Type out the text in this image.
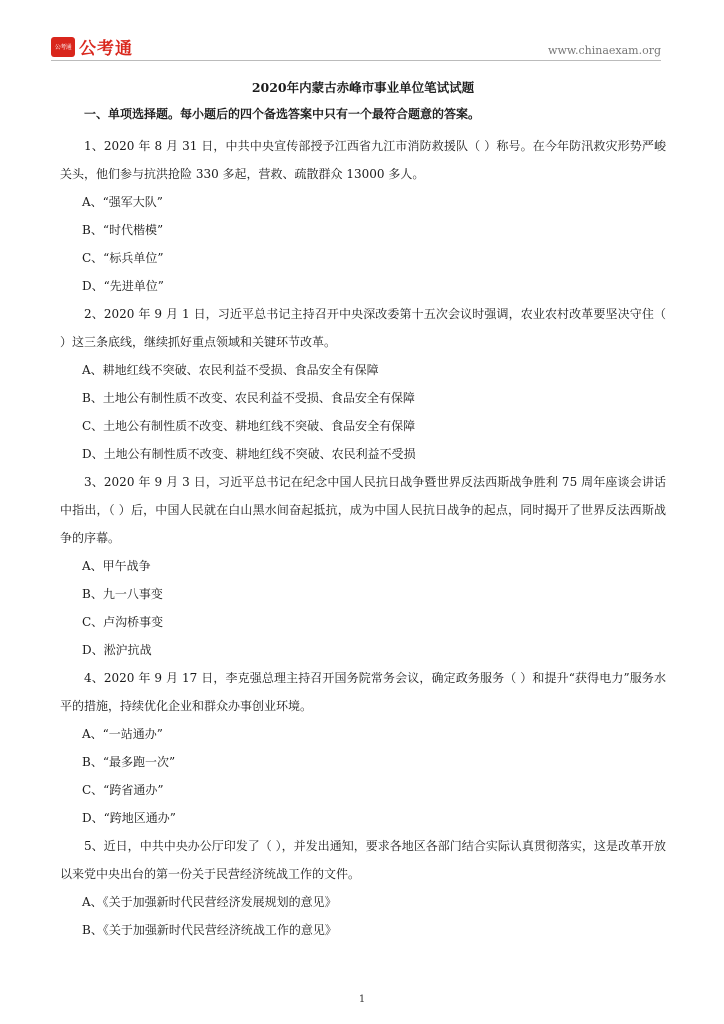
公考通 公考通	www.chinaexam.org

2020年内蒙古赤峰市事业单位笔试试题

一、单项选择题。每小题后的四个备选答案中只有一个最符合题意的答案。

1、2020 年 8 月 31 日，中共中央宣传部授予江西省九江市消防救援队（ ）称号。在今年防汛救灾形势严峻关头，他们参与抗洪抢险 330 多起，营救、疏散群众 13000 多人。

A、“强军大队”

B、“时代楷模”

C、“标兵单位”

D、“先进单位”

2、2020 年 9 月 1 日，习近平总书记主持召开中央深改委第十五次会议时强调，农业农村改革要坚决守住（ ）这三条底线，继续抓好重点领域和关键环节改革。

A、耕地红线不突破、农民利益不受损、食品安全有保障

B、土地公有制性质不改变、农民利益不受损、食品安全有保障

C、土地公有制性质不改变、耕地红线不突破、食品安全有保障

D、土地公有制性质不改变、耕地红线不突破、农民利益不受损

3、2020 年 9 月 3 日，习近平总书记在纪念中国人民抗日战争暨世界反法西斯战争胜利 75 周年座谈会讲话中指出，（ ）后，中国人民就在白山黑水间奋起抵抗，成为中国人民抗日战争的起点，同时揭开了世界反法西斯战争的序幕。

A、甲午战争

B、九一八事变

C、卢沟桥事变

D、淞沪抗战

4、2020 年 9 月 17 日，李克强总理主持召开国务院常务会议，确定政务服务（ ）和提升“获得电力”服务水平的措施，持续优化企业和群众办事创业环境。

A、“一站通办”

B、“最多跑一次”

C、“跨省通办”

D、“跨地区通办”

5、近日，中共中央办公厅印发了（ ），并发出通知，要求各地区各部门结合实际认真贯彻落实，这是改革开放以来党中央出台的第一份关于民营经济统战工作的文件。

A、《关于加强新时代民营经济发展规划的意见》

B、《关于加强新时代民营经济统战工作的意见》

1
